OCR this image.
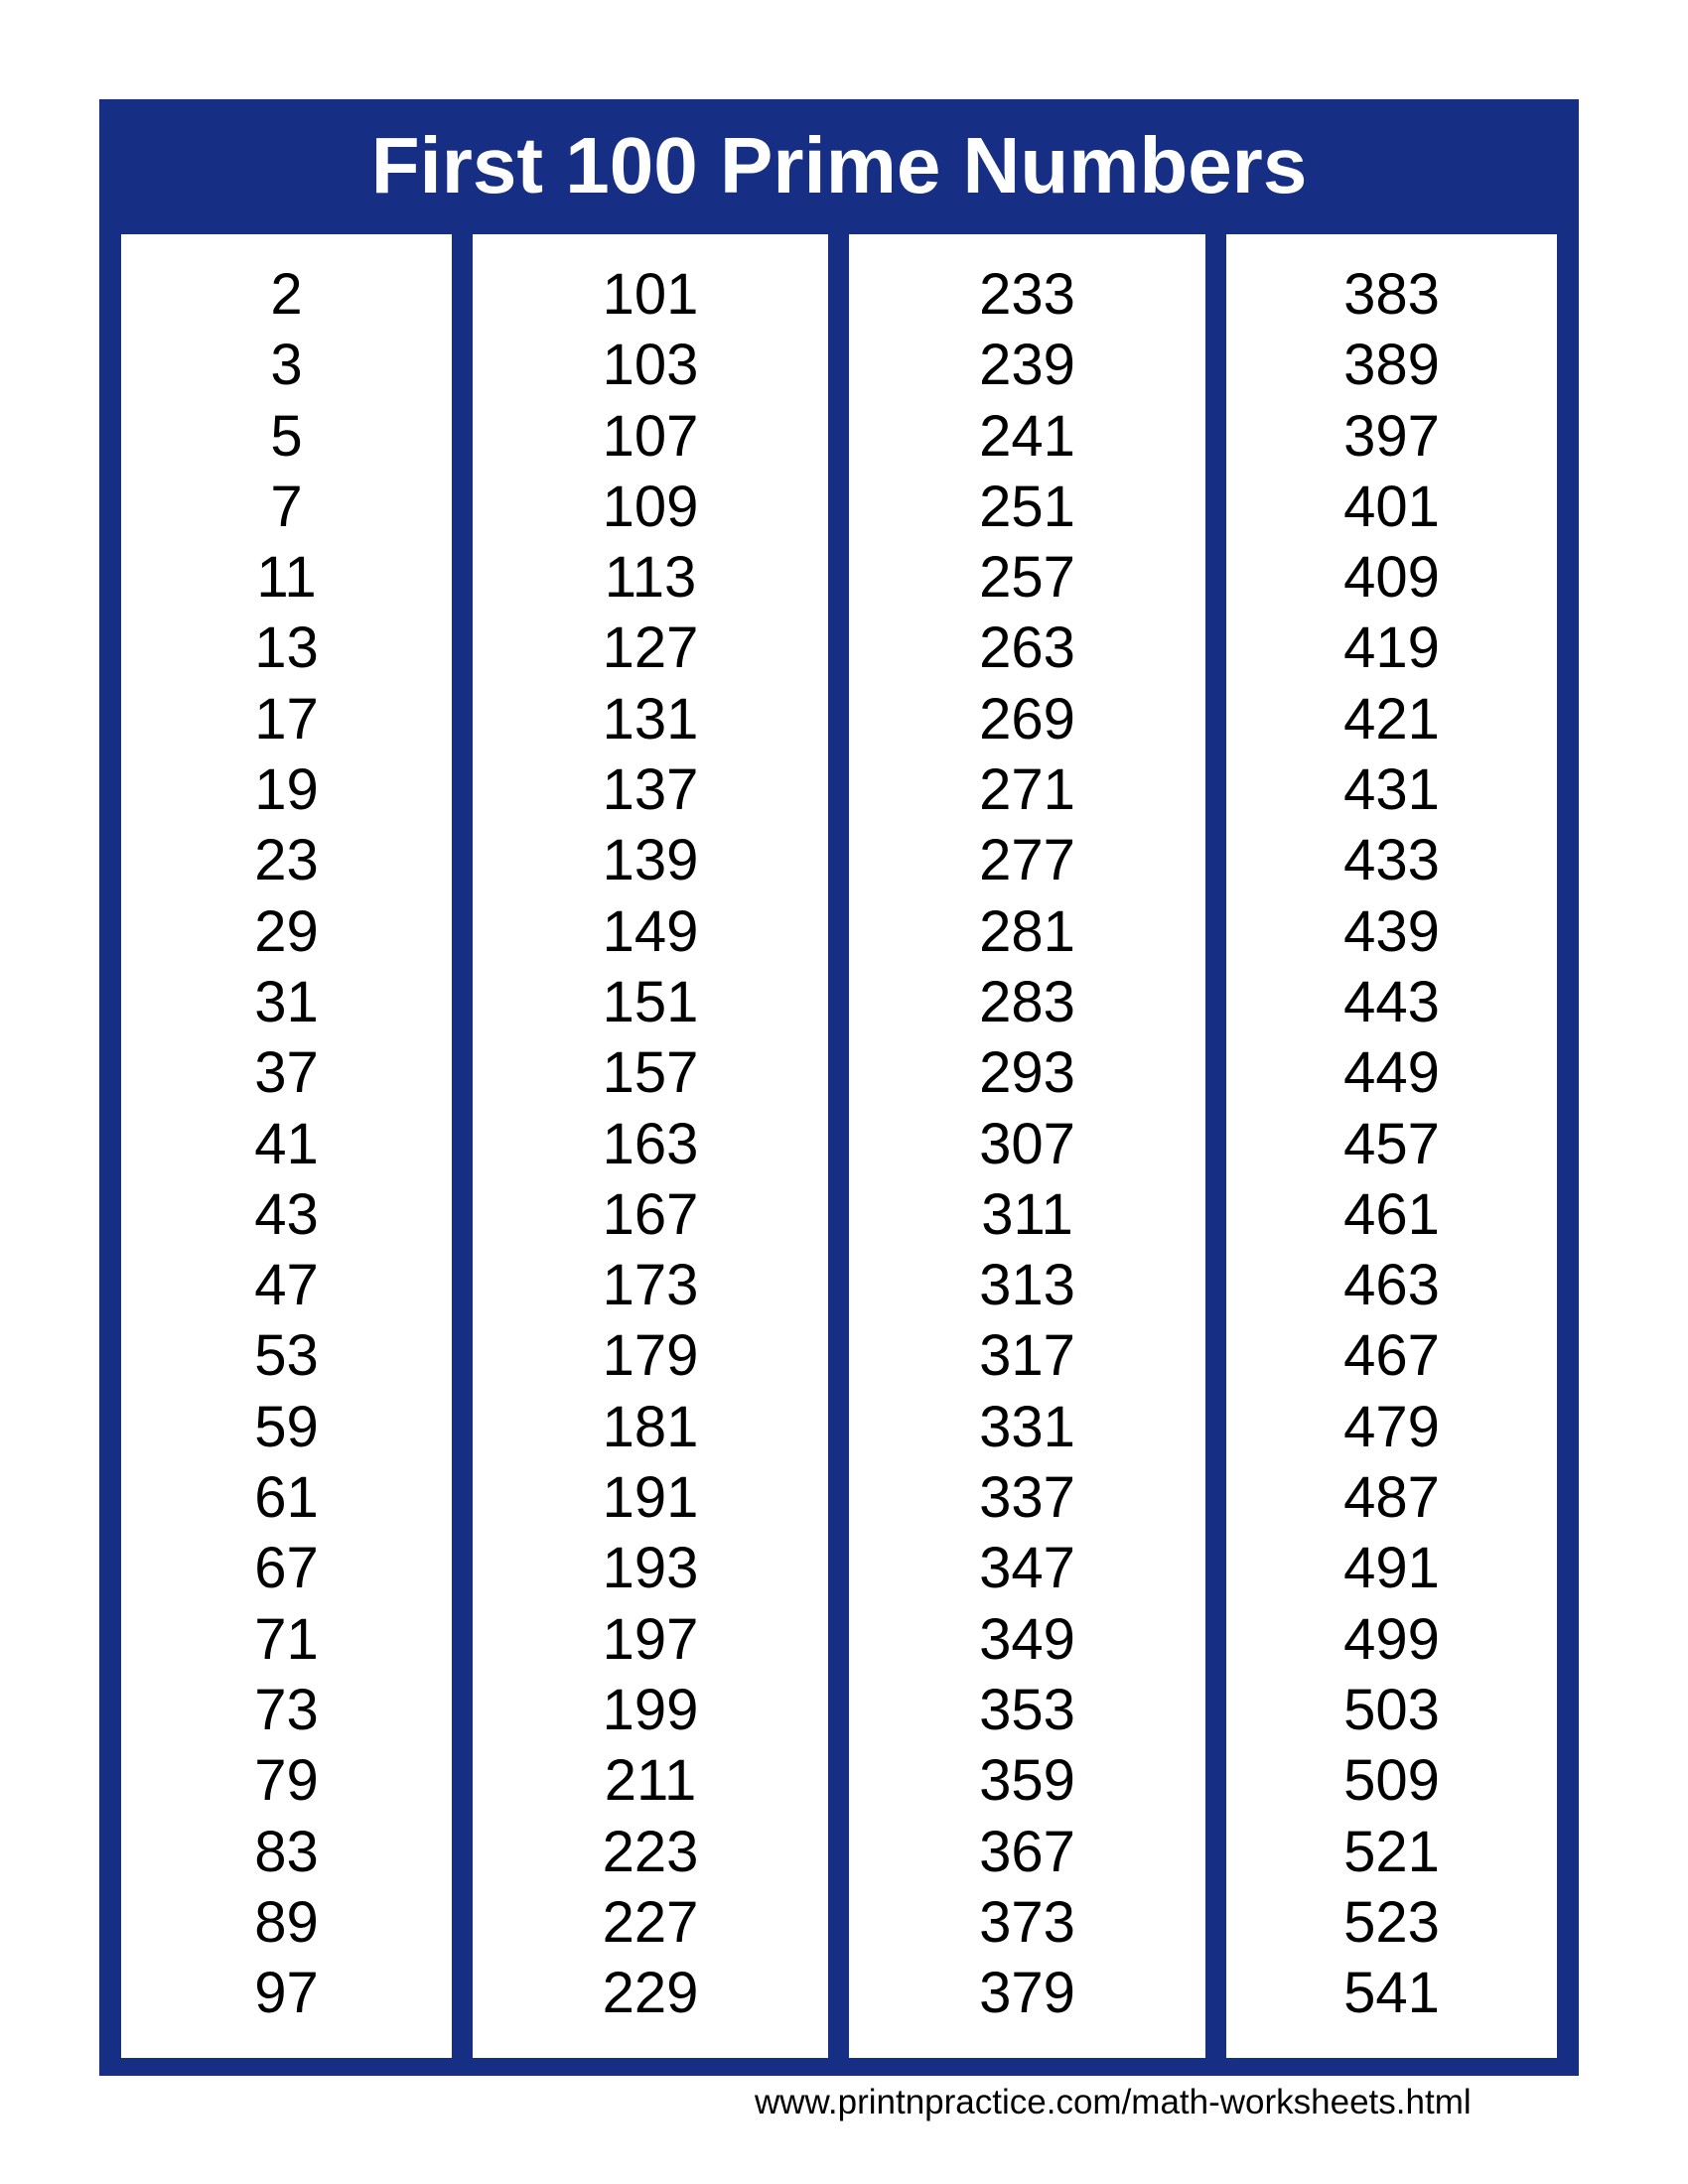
First 100 Prime Numbers
2
3
5
7
11
13
17
19
23
29
31
37
41
43
47
53
59
61
67
71
73
79
83
89
97
101
103
107
109
113
127
131
137
139
149
151
157
163
167
173
179
181
191
193
197
199
211
223
227
229
233
239
241
251
257
263
269
271
277
281
283
293
307
311
313
317
331
337
347
349
353
359
367
373
379
383
389
397
401
409
419
421
431
433
439
443
449
457
461
463
467
479
487
491
499
503
509
521
523
541

www.printnpractice.com/math-worksheets.html
